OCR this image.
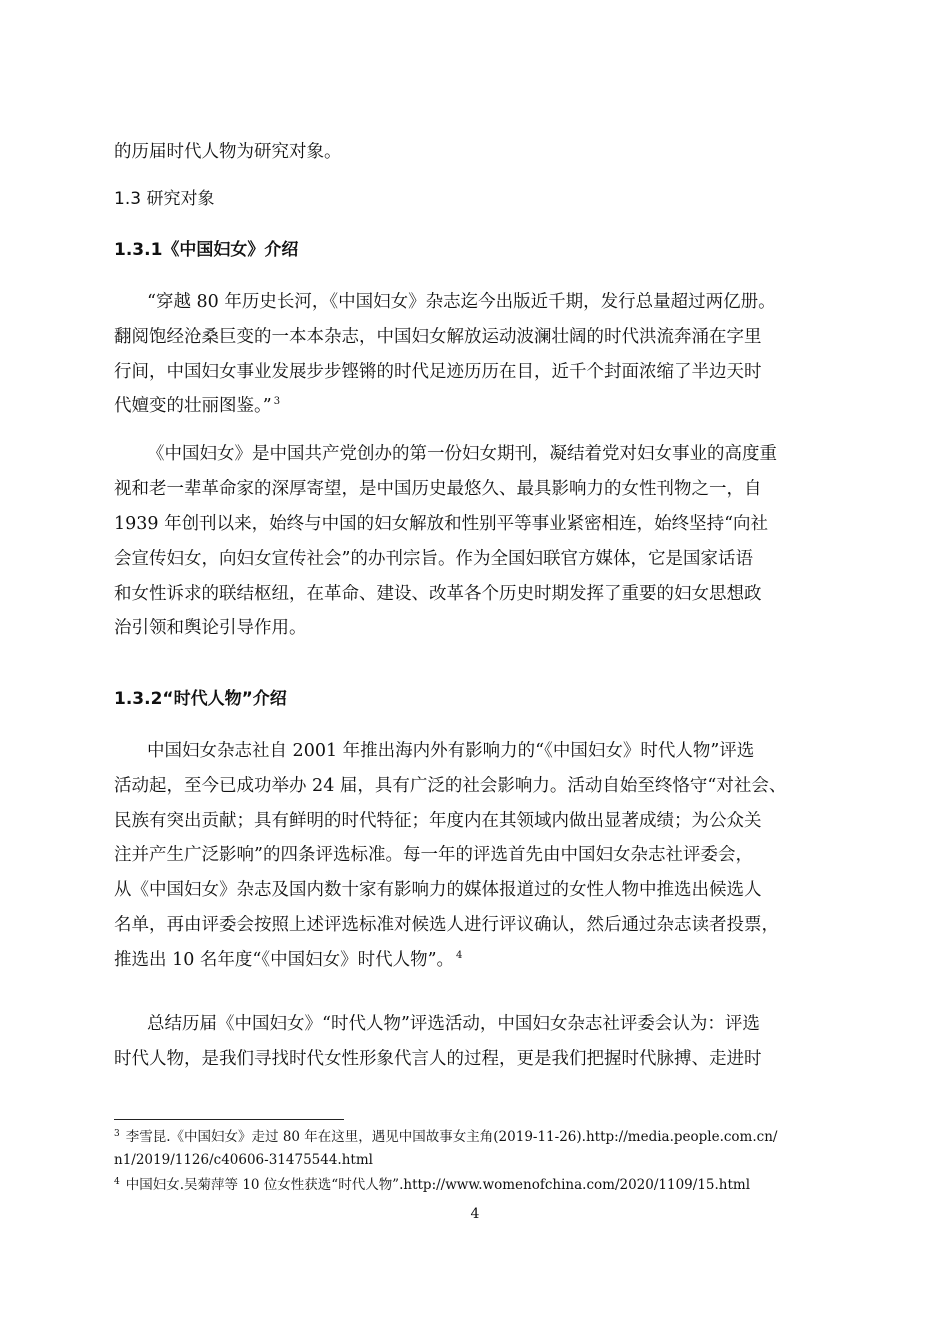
的历届时代人物为研究对象。
1.3 研究对象
1.3.1《中国妇女》介绍
“穿越 80 年历史长河，《中国妇女》杂志迄今出版近千期，发行总量超过两亿册。
翻阅饱经沧桑巨变的一本本杂志，中国妇女解放运动波澜壮阔的时代洪流奔涌在字里
行间，中国妇女事业发展步步铿锵的时代足迹历历在目，近千个封面浓缩了半边天时
代嬗变的壮丽图鉴。” $^3$
《中国妇女》是中国共产党创办的第一份妇女期刊，凝结着党对妇女事业的高度重
视和老一辈革命家的深厚寄望，是中国历史最悠久、最具影响力的女性刊物之一，自
1939 年创刊以来，始终与中国的妇女解放和性别平等事业紧密相连，始终坚持“向社
会宣传妇女，向妇女宣传社会”的办刊宗旨。作为全国妇联官方媒体，它是国家话语
和女性诉求的联结枢纽，在革命、建设、改革各个历史时期发挥了重要的妇女思想政
治引领和舆论引导作用。
1.3.2“时代人物”介绍
中国妇女杂志社自 2001 年推出海内外有影响力的“《中国妇女》时代人物”评选
活动起，至今已成功举办 24 届，具有广泛的社会影响力。活动自始至终恪守“对社会、
民族有突出贡献；具有鲜明的时代特征；年度内在其领域内做出显著成绩；为公众关
注并产生广泛影响”的四条评选标准。每一年的评选首先由中国妇女杂志社评委会，
从《中国妇女》杂志及国内数十家有影响力的媒体报道过的女性人物中推选出候选人
名单，再由评委会按照上述评选标准对候选人进行评议确认，然后通过杂志读者投票，
推选出 10 名年度“《中国妇女》时代人物”。 $^4$
总结历届《中国妇女》“时代人物”评选活动，中国妇女杂志社评委会认为：评选
时代人物，是我们寻找时代女性形象代言人的过程，更是我们把握时代脉搏、走进时
$^3$ 李雪昆.《中国妇女》走过 80 年在这里，遇见中国故事女主角(2019-11-26).http://media.people.com.cn/
n1/2019/1126/c40606-31475544.html
$^4$ 中国妇女.吴菊萍等 10 位女性获选“时代人物”.http://www.womenofchina.com/2020/1109/15.html
4
